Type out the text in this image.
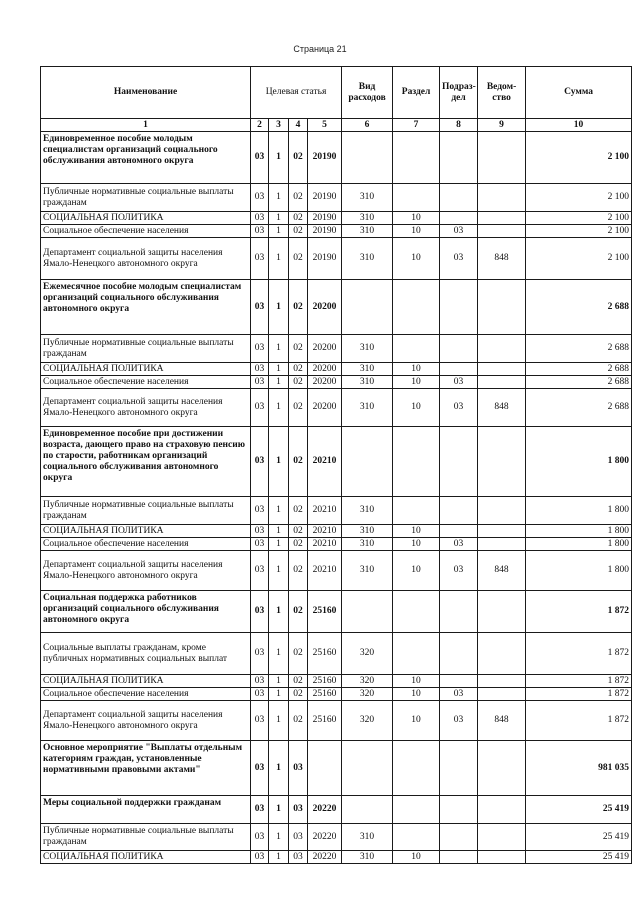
Страница 21
Наименование	Целевая статья				Вид расходов	Раздел	Подраз-дел	Ведом-ство	Сумма
1	2	3	4	5	6	7	8	9	10
Единовременное пособие молодым специалистам организаций социального обслуживания автономного округа	03	1	02	20190					2 100
Публичные нормативные социальные выплаты гражданам	03	1	02	20190	310				2 100
СОЦИАЛЬНАЯ ПОЛИТИКА	03	1	02	20190	310	10			2 100
Социальное обеспечение населения	03	1	02	20190	310	10	03		2 100
Департамент социальной защиты населения Ямало-Ненецкого автономного округа	03	1	02	20190	310	10	03	848	2 100
Ежемесячное пособие молодым специалистам организаций социального обслуживания автономного округа	03	1	02	20200					2 688
Публичные нормативные социальные выплаты гражданам	03	1	02	20200	310				2 688
СОЦИАЛЬНАЯ ПОЛИТИКА	03	1	02	20200	310	10			2 688
Социальное обеспечение населения	03	1	02	20200	310	10	03		2 688
Департамент социальной защиты населения Ямало-Ненецкого автономного округа	03	1	02	20200	310	10	03	848	2 688
Единовременное пособие при достижении возраста, дающего право на страховую пенсию по старости, работникам организаций социального обслуживания автономного округа	03	1	02	20210					1 800
Публичные нормативные социальные выплаты гражданам	03	1	02	20210	310				1 800
СОЦИАЛЬНАЯ ПОЛИТИКА	03	1	02	20210	310	10			1 800
Социальное обеспечение населения	03	1	02	20210	310	10	03		1 800
Департамент социальной защиты населения Ямало-Ненецкого автономного округа	03	1	02	20210	310	10	03	848	1 800
Социальная поддержка работников организаций социального обслуживания автономного округа	03	1	02	25160					1 872
Социальные выплаты гражданам, кроме публичных нормативных социальных выплат	03	1	02	25160	320				1 872
СОЦИАЛЬНАЯ ПОЛИТИКА	03	1	02	25160	320	10			1 872
Социальное обеспечение населения	03	1	02	25160	320	10	03		1 872
Департамент социальной защиты населения Ямало-Ненецкого автономного округа	03	1	02	25160	320	10	03	848	1 872
Основное мероприятие "Выплаты отдельным категориям граждан, установленные нормативными правовыми актами"	03	1	03						981 035
Меры социальной поддержки гражданам	03	1	03	20220					25 419
Публичные нормативные социальные выплаты гражданам	03	1	03	20220	310				25 419
СОЦИАЛЬНАЯ ПОЛИТИКА	03	1	03	20220	310	10			25 419
